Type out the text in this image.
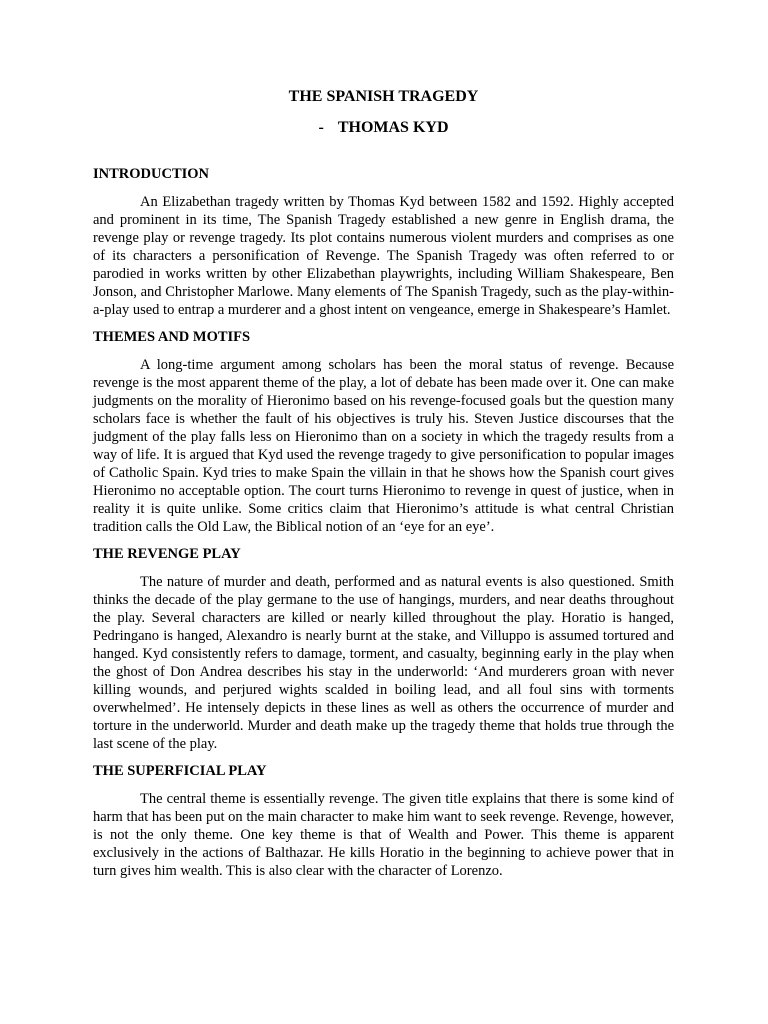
THE SPANISH TRAGEDY

- THOMAS KYD

INTRODUCTION

An Elizabethan tragedy written by Thomas Kyd between 1582 and 1592. Highly accepted and prominent in its time, The Spanish Tragedy established a new genre in English drama, the revenge play or revenge tragedy. Its plot contains numerous violent murders and comprises as one of its characters a personification of Revenge. The Spanish Tragedy was often referred to or parodied in works written by other Elizabethan playwrights, including William Shakespeare, Ben Jonson, and Christopher Marlowe. Many elements of The Spanish Tragedy, such as the play-within-a-play used to entrap a murderer and a ghost intent on vengeance, emerge in Shakespeare’s Hamlet.

THEMES AND MOTIFS

A long-time argument among scholars has been the moral status of revenge. Because revenge is the most apparent theme of the play, a lot of debate has been made over it. One can make judgments on the morality of Hieronimo based on his revenge-focused goals but the question many scholars face is whether the fault of his objectives is truly his. Steven Justice discourses that the judgment of the play falls less on Hieronimo than on a society in which the tragedy results from a way of life. It is argued that Kyd used the revenge tragedy to give personification to popular images of Catholic Spain. Kyd tries to make Spain the villain in that he shows how the Spanish court gives Hieronimo no acceptable option. The court turns Hieronimo to revenge in quest of justice, when in reality it is quite unlike. Some critics claim that Hieronimo’s attitude is what central Christian tradition calls the Old Law, the Biblical notion of an ‘eye for an eye’.

THE REVENGE PLAY

The nature of murder and death, performed and as natural events is also questioned. Smith thinks the decade of the play germane to the use of hangings, murders, and near deaths throughout the play. Several characters are killed or nearly killed throughout the play. Horatio is hanged, Pedringano is hanged, Alexandro is nearly burnt at the stake, and Villuppo is assumed tortured and hanged. Kyd consistently refers to damage, torment, and casualty, beginning early in the play when the ghost of Don Andrea describes his stay in the underworld: ‘And murderers groan with never killing wounds, and perjured wights scalded in boiling lead, and all foul sins with torments overwhelmed’. He intensely depicts in these lines as well as others the occurrence of murder and torture in the underworld. Murder and death make up the tragedy theme that holds true through the last scene of the play.

THE SUPERFICIAL PLAY

The central theme is essentially revenge. The given title explains that there is some kind of harm that has been put on the main character to make him want to seek revenge. Revenge, however, is not the only theme. One key theme is that of Wealth and Power. This theme is apparent exclusively in the actions of Balthazar. He kills Horatio in the beginning to achieve power that in turn gives him wealth. This is also clear with the character of Lorenzo.
